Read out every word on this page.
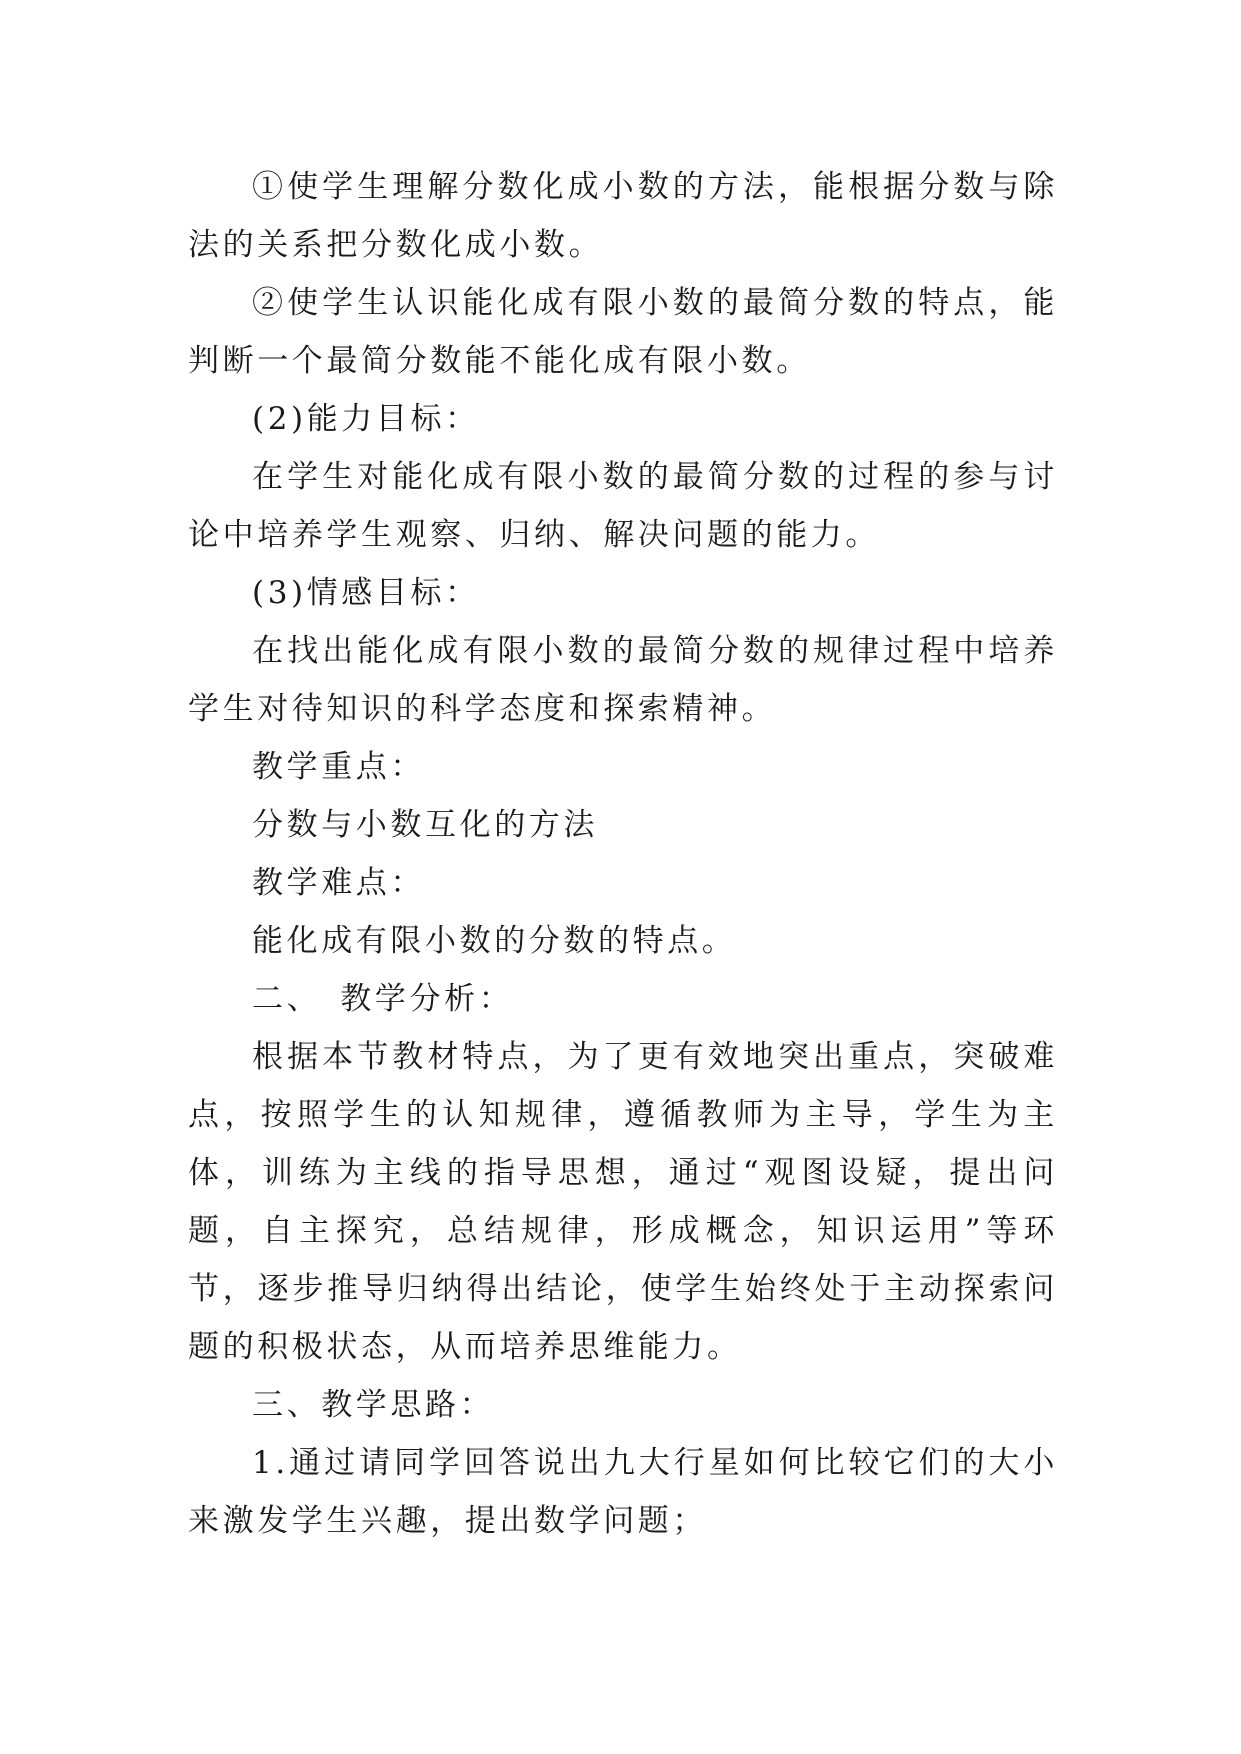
①使学生理解分数化成小数的方法，能根据分数与除法的关系把分数化成小数。

②使学生认识能化成有限小数的最简分数的特点，能判断一个最简分数能不能化成有限小数。

(2)能力目标：

在学生对能化成有限小数的最简分数的过程的参与讨论中培养学生观察、归纳、解决问题的能力。

(3)情感目标：

在找出能化成有限小数的最简分数的规律过程中培养学生对待知识的科学态度和探索精神。

教学重点：

分数与小数互化的方法

教学难点：

能化成有限小数的分数的特点。

二、　教学分析：

根据本节教材特点，为了更有效地突出重点，突破难点，按照学生的认知规律，遵循教师为主导，学生为主体，训练为主线的指导思想，通过“观图设疑，提出问题，自主探究，总结规律，形成概念，知识运用”等环节，逐步推导归纳得出结论，使学生始终处于主动探索问题的积极状态，从而培养思维能力。

三、教学思路：

1.通过请同学回答说出九大行星如何比较它们的大小来激发学生兴趣，提出数学问题；
